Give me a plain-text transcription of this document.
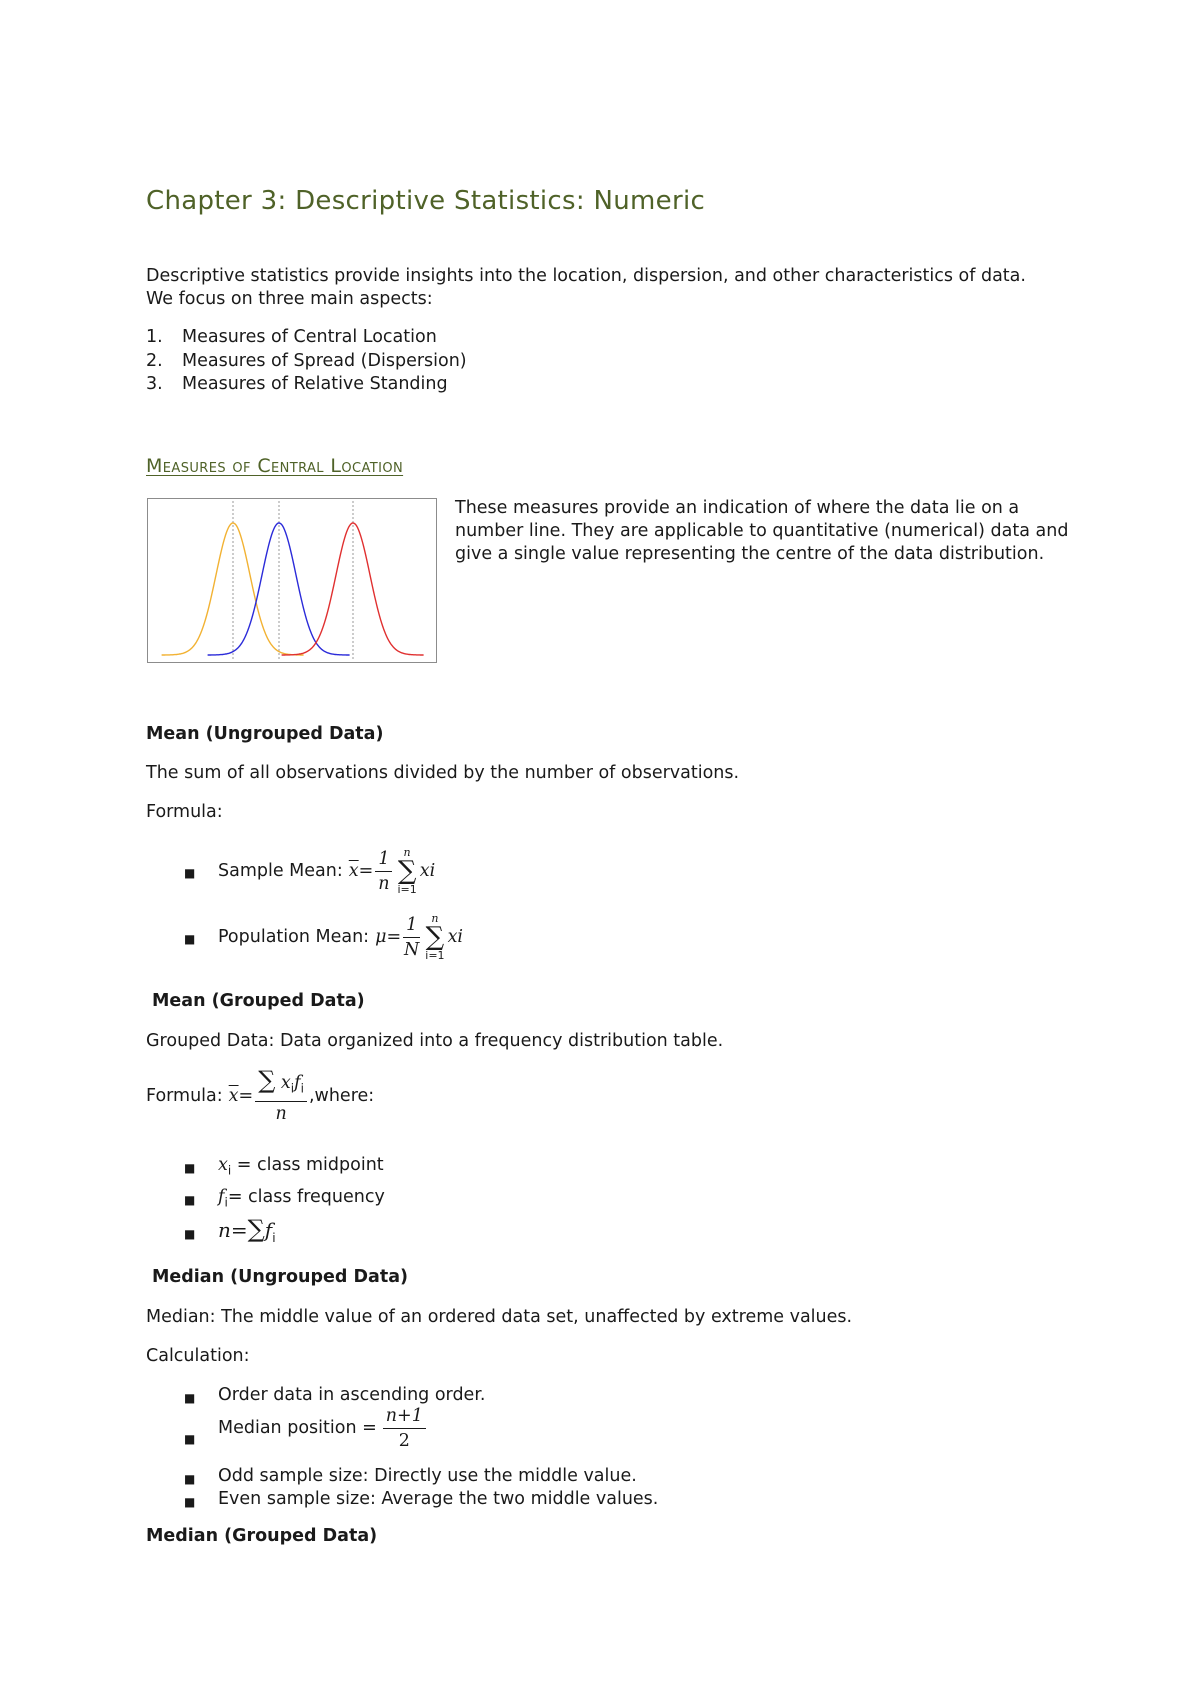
Chapter 3: Descriptive Statistics: Numeric
Descriptive statistics provide insights into the location, dispersion, and other characteristics of data. We focus on three main aspects:
1. Measures of Central Location
2. Measures of Spread (Dispersion)
3. Measures of Relative Standing
Measures of Central Location
These measures provide an indication of where the data lie on a number line. They are applicable to quantitative (numerical) data and give a single value representing the centre of the data distribution.
Mean (Ungrouped Data)
The sum of all observations divided by the number of observations.
Formula:
■ Sample Mean: $\overline{x} = \frac{1}{n}$	n
∑
i=1
xi
■ Population Mean: $\mu = \frac{1}{N}$	n
∑
i=1
xi
Mean (Grouped Data)
Grouped Data: Data organized into a frequency distribution table.
Formula: $\overline{x} = \frac{\sum x_if_i}{n}$ ,where:
■ $x_i$ = class midpoint
■ $f_i=$ class frequency
■ $n=\sum f_i$
Median (Ungrouped Data)
Median: The middle value of an ordered data set, unaffected by extreme values.
Calculation:
■ Order data in ascending order.
■
Median position = $\frac{n+1}{2}$
■ Odd sample size: Directly use the middle value.
■ Even sample size: Average the two middle values.
Median (Grouped Data)
